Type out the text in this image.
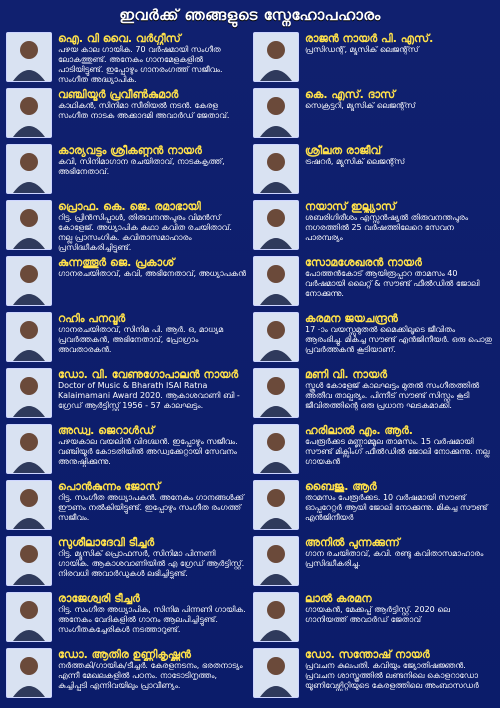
ഇവർക്ക് ഞങ്ങളുടെ സ്നേഹോപഹാരം
ഐ. വി വൈ. വർഗ്ഗീസ്
പഴയ കാല ഗായിക. 70 വർഷമായി സംഗീത ലോകത്തുണ്ട്. അനേകം ഗാനമേളകളിൽ പാടിയിട്ടുണ്ട്. ഇപ്പോഴും ഗാനരംഗത്ത് സജീവം. സംഗീത അദ്ധ്യാപിക.
വഞ്ചിയൂർ പ്രവീൺകുമാർ
കാഥികൻ, സിനിമാ സീരിയൽ നടൻ. കേരള സംഗീത നാടക അക്കാദമി അവാർഡ് ജേതാവ്.
കാര്യവട്ടം ശ്രീകണ്ഠൻ നായർ
കവി, സിനിമാഗാന രചയിതാവ്, നാടകകൃത്ത്, അഭിനേതാവ്.
പ്രൊഫ. കെ. ജെ. രമാഭായി
റിട്ട. പ്രിൻസിപ്പാൾ, തിരുവനന്തപുരം വിമൻസ് കോളേജ്. അധ്യാപിക കഥാ കവിത രചയിതാവ്. നല്ല പ്രാസംഗിക. കവിതാസമാഹാരം പ്രസിദ്ധീകരിച്ചിട്ടുണ്ട്.
കുന്നത്തൂർ ജെ. പ്രകാശ്
ഗാനരചയിതാവ്, കവി, അഭിനേതാവ്, അധ്യാപകൻ
റഹിം പനവൂർ
ഗാനരചയിതാവ്, സിനിമ പി. ആർ. ഒ, മാധ്യമ പ്രവർത്തകൻ, അഭിനേതാവ്, പ്രോഗ്രാം അവതാരകൻ.
ഡോ. വി. വേണുഗോപാലൻ നായർ
Doctor of Music & Bharath ISAI Ratna Kalaimamani Award 2020. ആകാശവാണി ബി - ഗ്രേഡ് ആർട്ടിസ്റ്റ് 1956 - 57 കാലഘട്ടം.
അഡ്വ. ജെറാൾഡ്
പഴയകാല വയലിൻ വിദഗ്ദ്ധൻ. ഇപ്പോഴും സജീവം. വഞ്ചിയൂർ കോടതിയിൽ അഡ്വക്കേറ്റായി സേവനം അനുഷ്ഠിക്കുന്നു.
പൊൻകുന്നം ജോസ്
റിട്ട. സംഗീത അധ്യാപകൻ. അനേകം ഗാനങ്ങൾക്ക് ഈണം നൽകിയിട്ടുണ്ട്. ഇപ്പോഴും സംഗീത രംഗത്ത് സജീവം.
സുശീലാദേവി ടീച്ചർ
റിട്ട. മ്യൂസിക് പ്രൊഫസർ, സിനിമാ പിന്നണി ഗായിക. ആകാശവാണിയിൽ എ ഗ്രേഡ് ആർട്ടിസ്റ്റ്. നിരവധി അവാർഡുകൾ ലഭിച്ചിട്ടുണ്ട്.
രാജേശ്വരി ടീച്ചർ
റിട്ട. സംഗീത അധ്യാപിക, സിനിമ പിന്നണി ഗായിക. അനേകം വേദികളിൽ ഗാനം ആലപിച്ചിട്ടുണ്ട്. സംഗീതകച്ചേരികൾ നടത്താറുണ്ട്.
ഡോ. ആതിര ഉണ്ണികൃഷ്ണൻ
നർത്തകി/ഗായിക/ടീച്ചർ. കേരളനടനം, ഭരതനാട്യം എന്നീ മേഖലകളിൽ പഠനം. നാടോടിനൃത്തം, കുച്ചിപ്പുടി എന്നിവയിലും പ്രാവീണ്യം.
രാജൻ നായർ പി. എസ്.
പ്രസിഡന്റ്, മ്യൂസിക് ലെജന്റ്സ്
കെ. എസ്. ദാസ്
സെക്രട്ടറി, മ്യൂസിക് ലെജന്റ്സ്
ശ്രീലത രാജീവ്
ട്രഷറർ, മ്യൂസിക് ലെജന്റ്സ്
നയാസ് ഇല്ല്യാസ്
ശബരിഗിരീശം എസ്സൻഷ്യൽ തിരുവനന്തപുരം നഗരത്തിൽ 25 വർഷത്തിലേറെ സേവന പാരമ്പര്യം
സോമശേഖരൻ നായർ
പോത്തൻകോട് ആയിരൂപ്പാറ താമസം 40 വർഷമായി ലൈറ്റ് & സൗണ്ട് ഫീൽഡിൽ ജോലി നോക്കുന്നു.
കരമന ജയചന്ദ്രൻ
17 -ാം വയസ്സുമുതൽ മൈക്കിലൂടെ ജീവിതം ആരംഭിച്ചു. മികച്ച സൗണ്ട് എൻജിനീയർ. ഒരു പൊതു പ്രവർത്തകൻ കൂടിയാണ്.
മണി വി. നായർ
സ്കൂൾ കോളേജ് കാലഘട്ടം മുതൽ സംഗീതത്തിൽ അതീവ താല്പര്യം. പിന്നീട് സൗണ്ട് സിസ്റ്റം കൂടി ജീവിതത്തിന്റെ ഒരു പ്രധാന ഘടകമാക്കി.
ഹരിലാൽ എം. ആർ.
പേരൂർക്കട മണ്ണാമ്മൂല താമസം. 15 വർഷമായി സൗണ്ട് മിക്സിംഗ് ഫീൽഡിൽ ജോലി നോക്കുന്നു. നല്ല ഗായകൻ
ബൈജു. ആർ
താമസം പേരൂർക്കട. 10 വർഷമായി സൗണ്ട് ഓപ്പറേറ്റർ ആയി ജോലി നോക്കുന്നു. മികച്ച സൗണ്ട് എൻജിനീയർ
അനിൽ പുന്നക്കുന്ന്
ഗാന രചയിതാവ്, കവി. രണ്ടു കവിതാസമാഹാരം പ്രസിദ്ധീകരിച്ചു.
ലാൽ കരമന
ഗായകൻ, മേക്കപ്പ് ആർട്ടിസ്റ്റ്. 2020 ലെ ഗാനിയത്ത് അവാർഡ് ജേതാവ്
ഡോ. സന്തോഷ് നായർ
പ്രവചന കുലപതി. കവിയും ജ്യോതിഷജ്ഞൻ. പ്രവചന ശാസ്ത്രത്തിൽ ലണ്ടനിലെ കൊളറാഡോ യൂണിവേഴ്സിറ്റിയുടെ കേരളത്തിലെ അംബാസഡർ
